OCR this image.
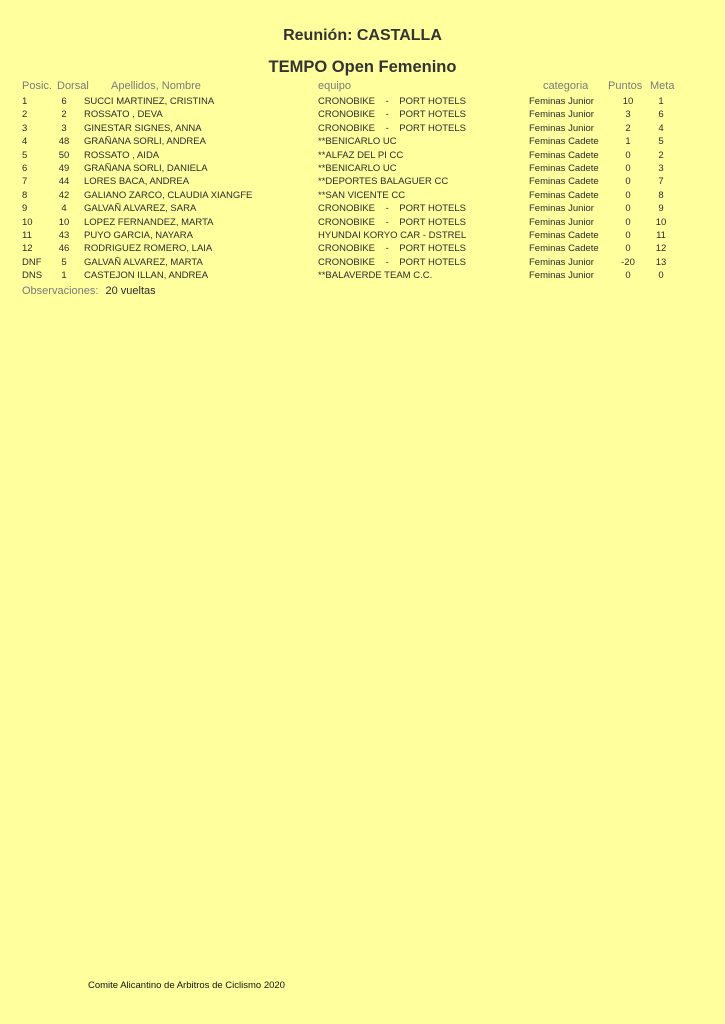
Reunión: CASTALLA
TEMPO Open Femenino
Posic. Dorsal Apellidos, Nombre	equipo	categoria Puntos Meta
1	6	SUCCI MARTINEZ, CRISTINA	CRONOBIKE    -    PORT HOTELS	Feminas Junior	10	1
2	2	ROSSATO , DEVA	CRONOBIKE    -    PORT HOTELS	Feminas Junior	3	6
3	3	GINESTAR SIGNES, ANNA	CRONOBIKE    -    PORT HOTELS	Feminas Junior	2	4
4	48 GRAÑANA SORLI, ANDREA	**BENICARLO UC	Feminas Cadete	1	5
5	50 ROSSATO , AIDA	**ALFAZ DEL PI CC	Feminas Cadete	0	2
6	49 GRAÑANA SORLI, DANIELA	**BENICARLO UC	Feminas Cadete	0	3
7	44 LORES BACA, ANDREA	**DEPORTES BALAGUER CC	Feminas Cadete	0	7
8	42 GALIANO ZARCO, CLAUDIA XIANGFE	**SAN VICENTE CC	Feminas Cadete	0	8
9	4	GALVAÑ ALVAREZ, SARA	CRONOBIKE    -    PORT HOTELS	Feminas Junior	0	9
10	10 LOPEZ FERNANDEZ, MARTA	CRONOBIKE    -    PORT HOTELS	Feminas Junior	0	10
11	43 PUYO GARCIA, NAYARA	HYUNDAI KORYO CAR - DSTREL	Feminas Cadete	0	11
12	46 RODRIGUEZ ROMERO, LAIA	CRONOBIKE    -    PORT HOTELS	Feminas Cadete	0	12
DNF	5	GALVAÑ ALVAREZ, MARTA	CRONOBIKE    -    PORT HOTELS	Feminas Junior	-20	13
DNS	1	CASTEJON ILLAN, ANDREA	**BALAVERDE TEAM C.C.	Feminas Junior	0	0
Observaciones: 20 vueltas
Comite Alicantino de Arbitros de Ciclismo 2020
